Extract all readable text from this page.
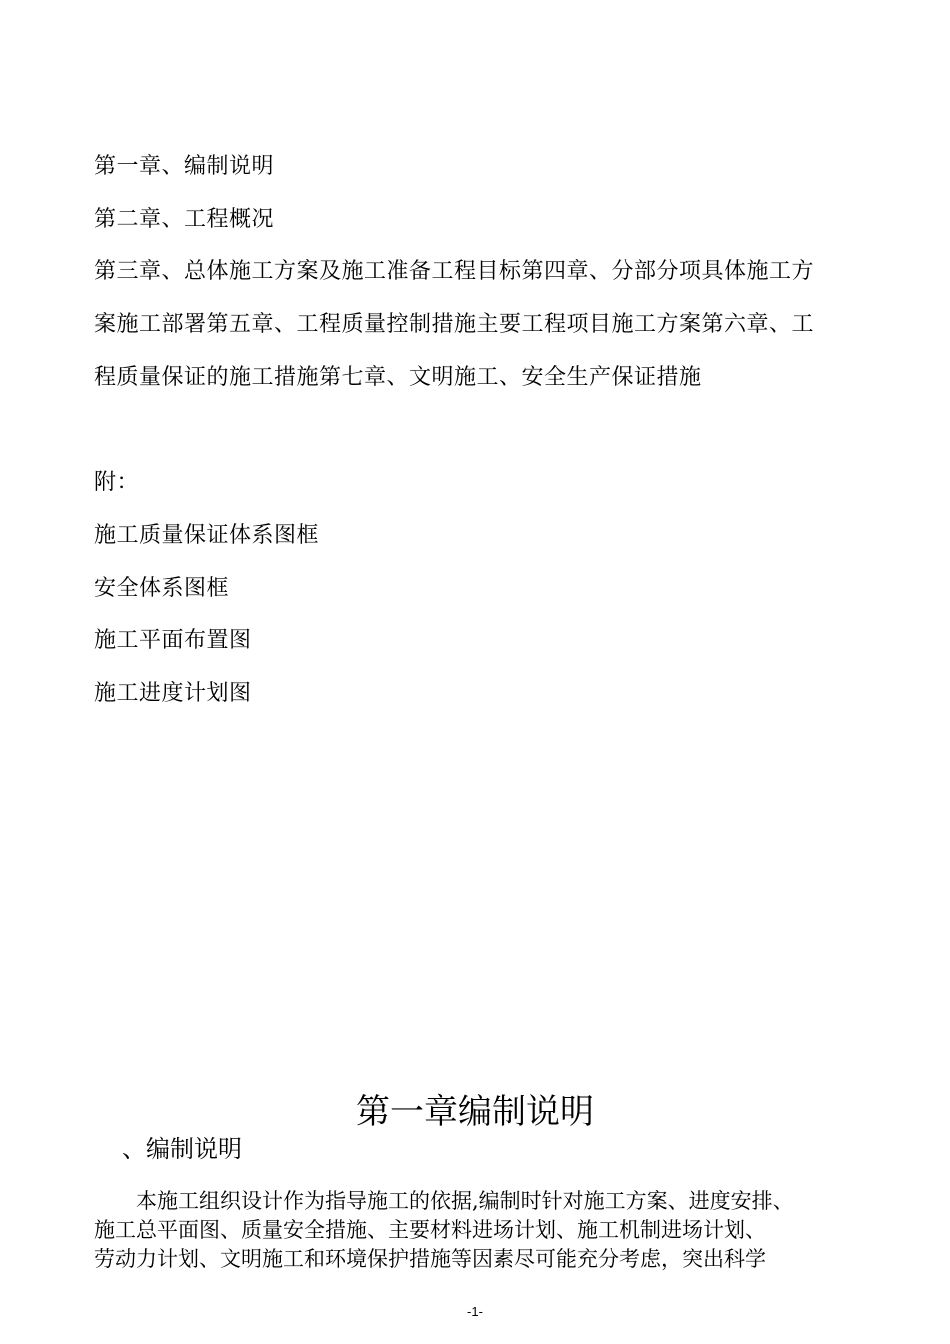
第一章、编制说明
第二章、工程概况
第三章、总体施工方案及施工准备工程目标第四章、分部分项具体施工方
案施工部署第五章、工程质量控制措施主要工程项目施工方案第六章、工
程质量保证的施工措施第七章、文明施工、安全生产保证措施
附：
施工质量保证体系图框
安全体系图框
施工平面布置图
施工进度计划图
第一章编制说明
、编制说明
　　本施工组织设计作为指导施工的依据,编制时针对施工方案、进度安排、
施工总平面图、质量安全措施、主要材料进场计划、施工机制进场计划、
劳动力计划、文明施工和环境保护措施等因素尽可能充分考虑，突出科学
-1-
